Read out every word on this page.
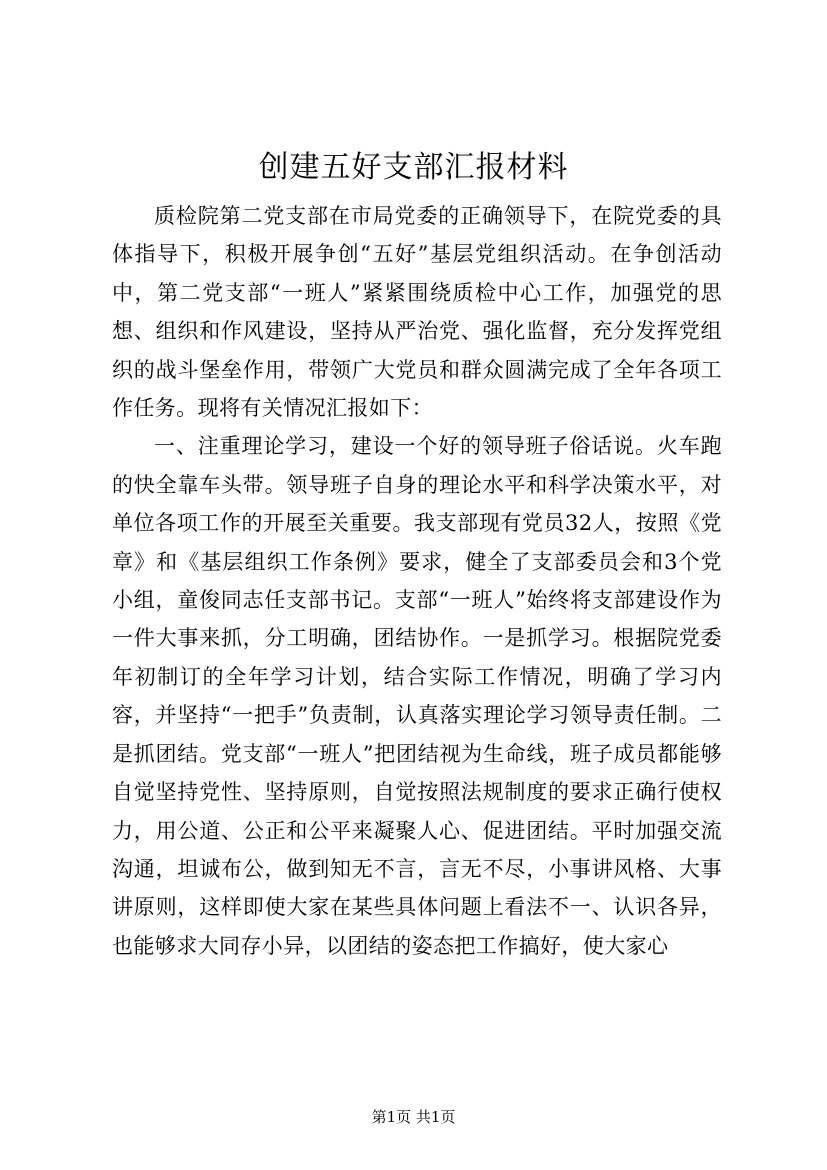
创建五好支部汇报材料

质检院第二党支部在市局党委的正确领导下，在院党委的具体指导下，积极开展争创“五好”基层党组织活动。在争创活动中，第二党支部“一班人”紧紧围绕质检中心工作，加强党的思想、组织和作风建设，坚持从严治党、强化监督，充分发挥党组织的战斗堡垒作用，带领广大党员和群众圆满完成了全年各项工作任务。现将有关情况汇报如下：

一、注重理论学习，建设一个好的领导班子俗话说。火车跑的快全靠车头带。领导班子自身的理论水平和科学决策水平，对单位各项工作的开展至关重要。我支部现有党员32人，按照《党章》和《基层组织工作条例》要求，健全了支部委员会和3个党小组，童俊同志任支部书记。支部“一班人”始终将支部建设作为一件大事来抓，分工明确，团结协作。一是抓学习。根据院党委年初制订的全年学习计划，结合实际工作情况，明确了学习内容，并坚持“一把手”负责制，认真落实理论学习领导责任制。二是抓团结。党支部“一班人”把团结视为生命线，班子成员都能够自觉坚持党性、坚持原则，自觉按照法规制度的要求正确行使权力，用公道、公正和公平来凝聚人心、促进团结。平时加强交流沟通，坦诚布公，做到知无不言，言无不尽，小事讲风格、大事讲原则，这样即使大家在某些具体问题上看法不一、认识各异，也能够求大同存小异，以团结的姿态把工作搞好，使大家心

第1页 共1页
